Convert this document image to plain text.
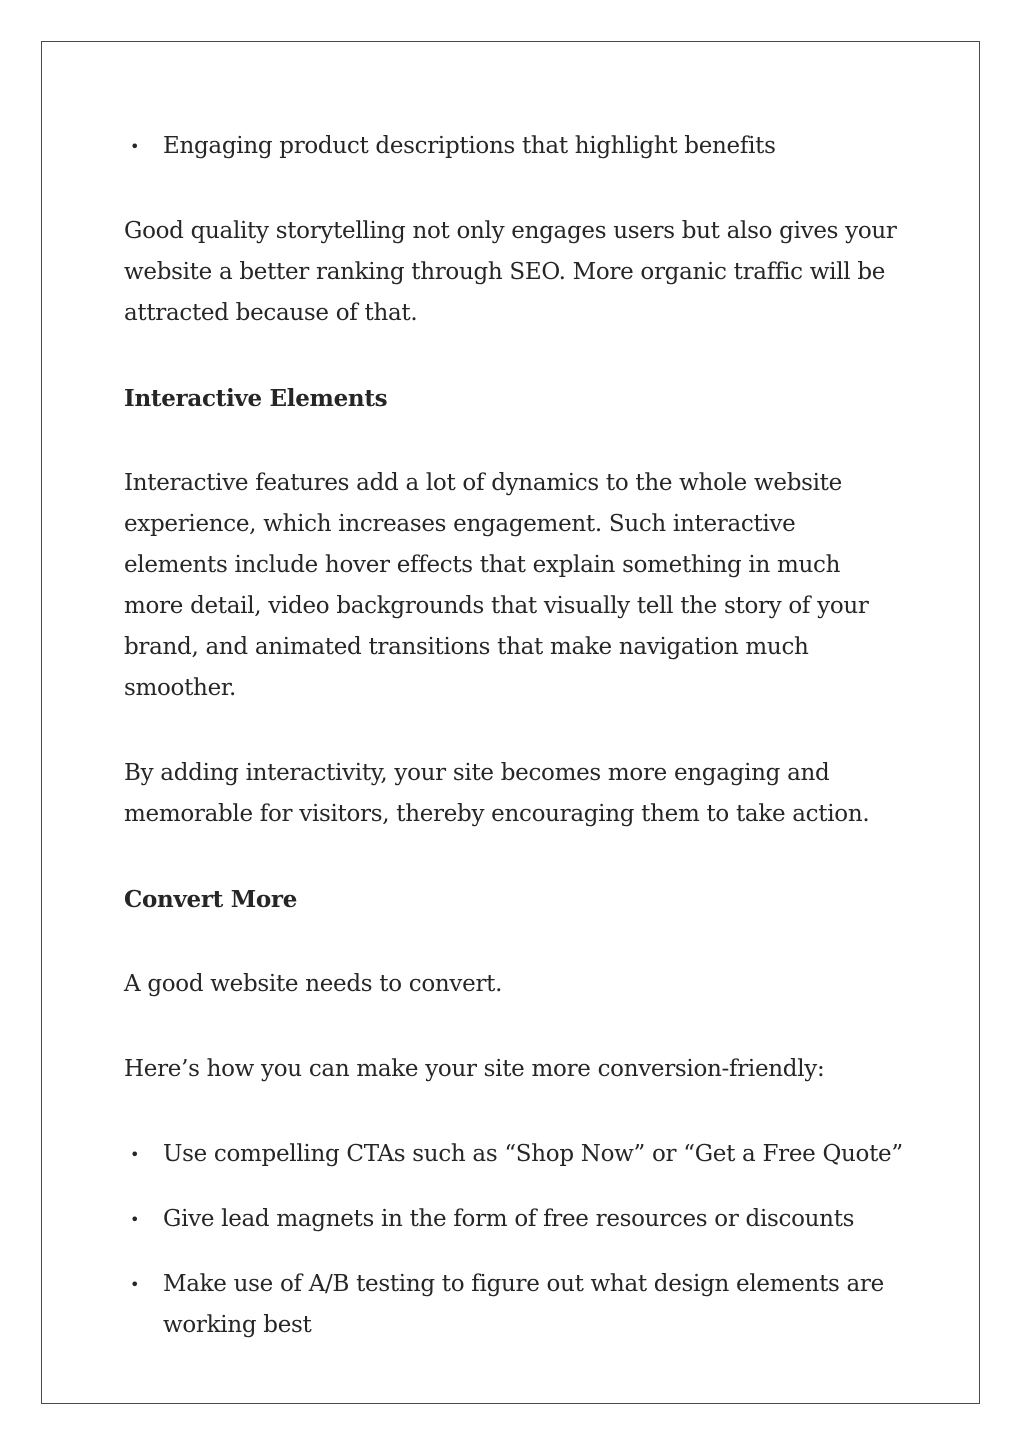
• Engaging product descriptions that highlight benefits

Good quality storytelling not only engages users but also gives your website a better ranking through SEO. More organic traffic will be attracted because of that.

Interactive Elements

Interactive features add a lot of dynamics to the whole website experience, which increases engagement. Such interactive elements include hover effects that explain something in much more detail, video backgrounds that visually tell the story of your brand, and animated transitions that make navigation much smoother.

By adding interactivity, your site becomes more engaging and memorable for visitors, thereby encouraging them to take action.

Convert More

A good website needs to convert.

Here’s how you can make your site more conversion-friendly:

• Use compelling CTAs such as “Shop Now” or “Get a Free Quote”
• Give lead magnets in the form of free resources or discounts
• Make use of A/B testing to figure out what design elements are working best
